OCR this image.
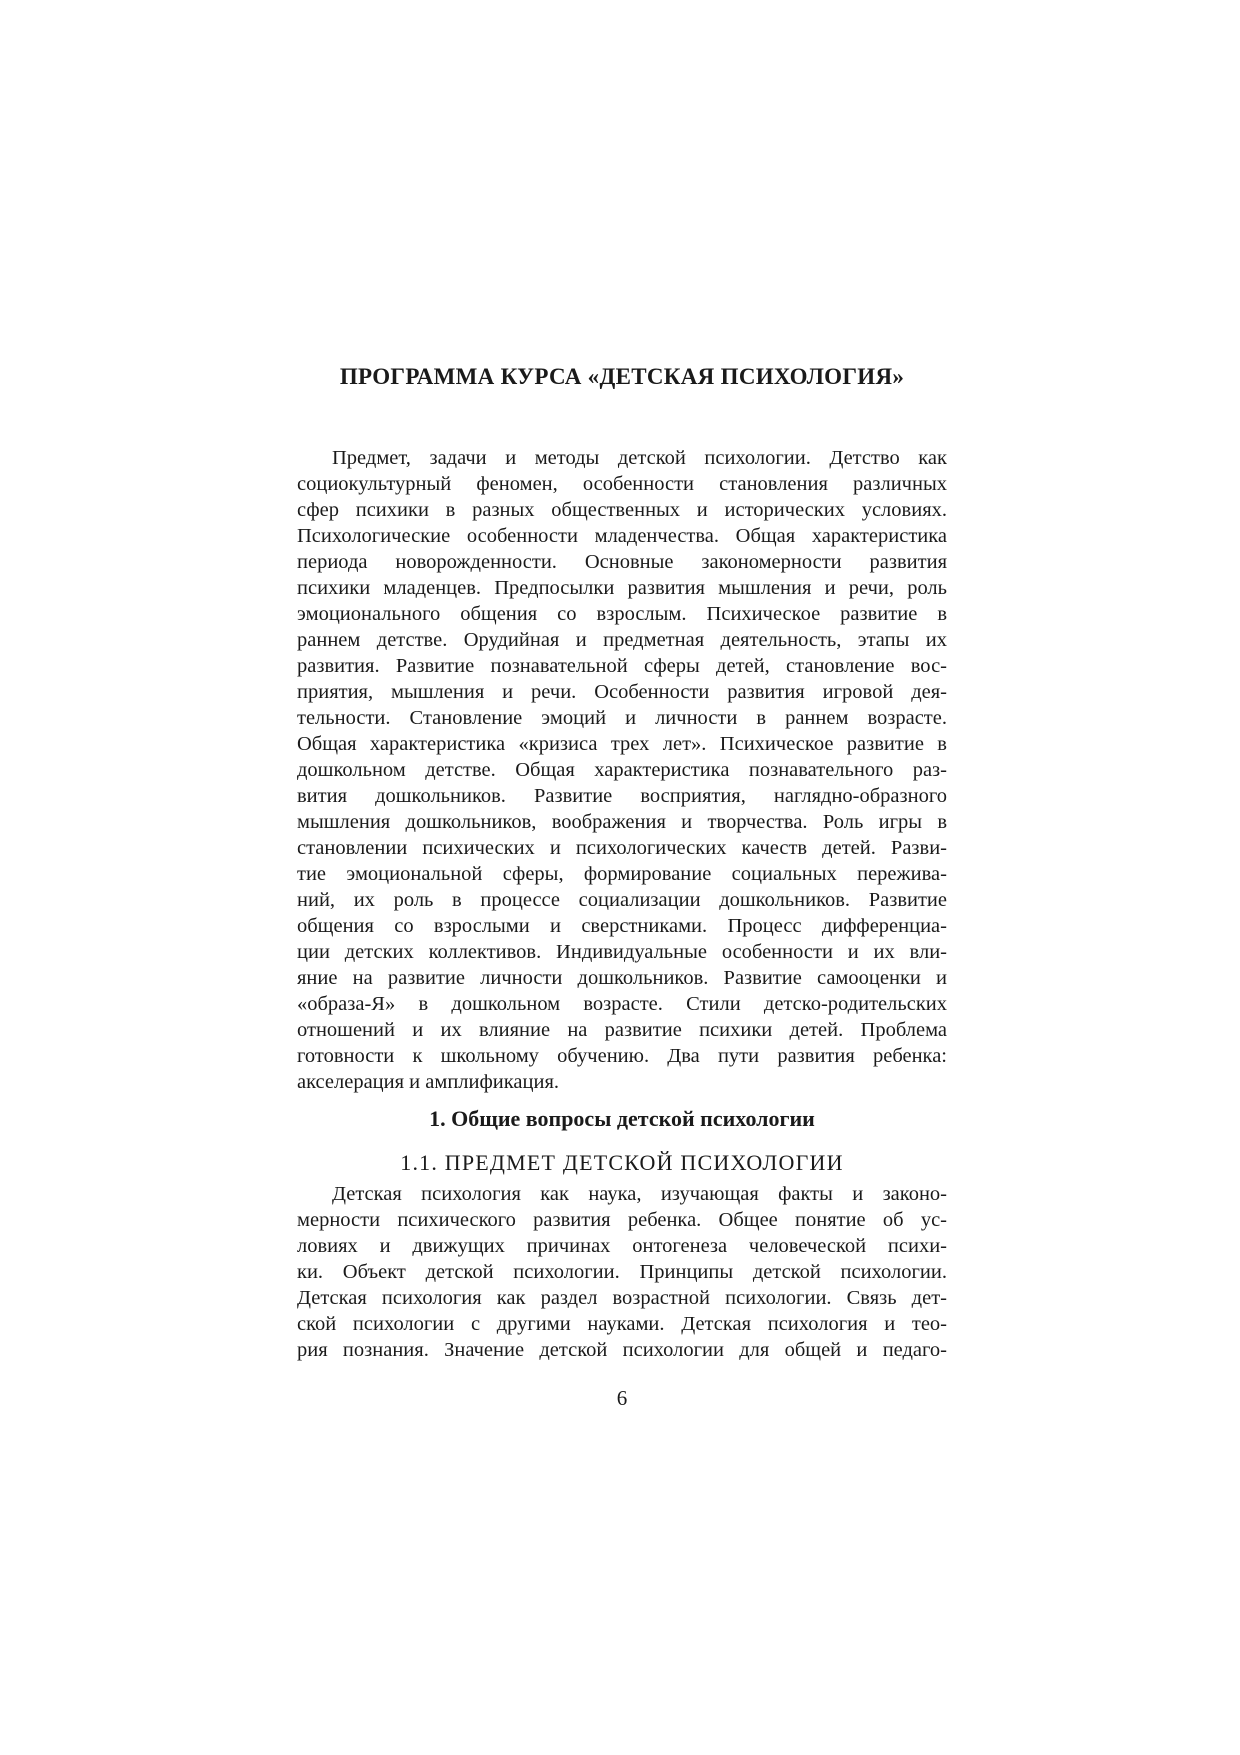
ПРОГРАММА КУРСА «ДЕТСКАЯ ПСИХОЛОГИЯ»
Предмет, задачи и методы детской психологии. Детство как
социокультурный феномен, особенности становления различных
сфер психики в разных общественных и исторических условиях.
Психологические особенности младенчества. Общая характеристика
периода новорожденности. Основные закономерности развития
психики младенцев. Предпосылки развития мышления и речи, роль
эмоционального общения со взрослым. Психическое развитие в
раннем детстве. Орудийная и предметная деятельность, этапы их
развития. Развитие познавательной сферы детей, становление вос-
приятия, мышления и речи. Особенности развития игровой дея-
тельности. Становление эмоций и личности в раннем возрасте.
Общая характеристика «кризиса трех лет». Психическое развитие в
дошкольном детстве. Общая характеристика познавательного раз-
вития дошкольников. Развитие восприятия, наглядно-образного
мышления дошкольников, воображения и творчества. Роль игры в
становлении психических и психологических качеств детей. Разви-
тие эмоциональной сферы, формирование социальных пережива-
ний, их роль в процессе социализации дошкольников. Развитие
общения со взрослыми и сверстниками. Процесс дифференциа-
ции детских коллективов. Индивидуальные особенности и их вли-
яние на развитие личности дошкольников. Развитие самооценки и
«образа-Я» в дошкольном возрасте. Стили детско-родительских
отношений и их влияние на развитие психики детей. Проблема
готовности к школьному обучению. Два пути развития ребенка:
акселерация и амплификация.
1. Общие вопросы детской психологии
1.1. ПРЕДМЕТ ДЕТСКОЙ ПСИХОЛОГИИ
Детская психология как наука, изучающая факты и законо-
мерности психического развития ребенка. Общее понятие об ус-
ловиях и движущих причинах онтогенеза человеческой психи-
ки. Объект детской психологии. Принципы детской психологии.
Детская психология как раздел возрастной психологии. Связь дет-
ской психологии с другими науками. Детская психология и тео-
рия познания. Значение детской психологии для общей и педаго-
6
